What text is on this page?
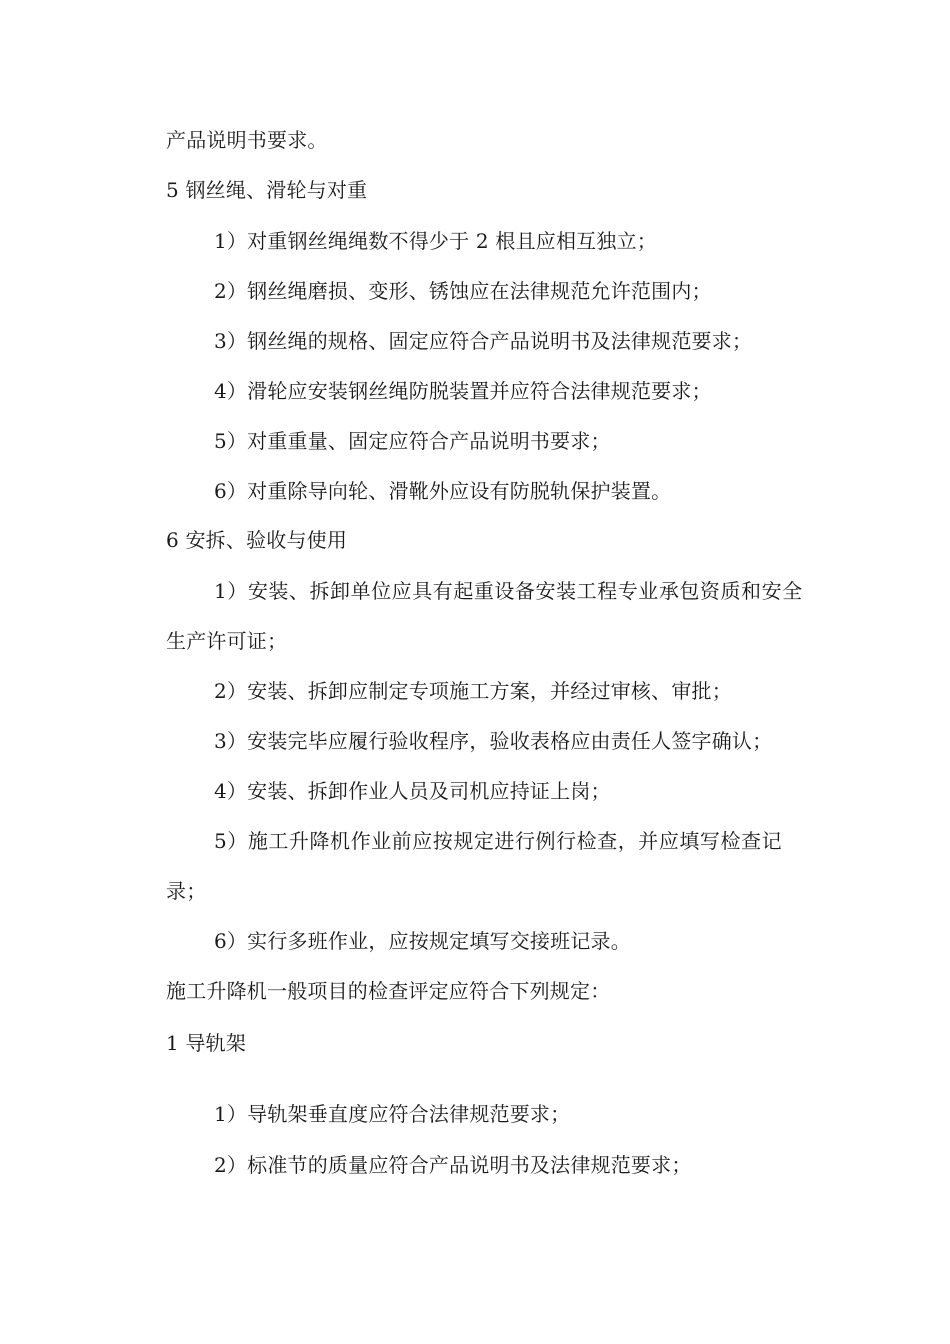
产品说明书要求。
5 钢丝绳、滑轮与对重
1）对重钢丝绳绳数不得少于 2 根且应相互独立；
2）钢丝绳磨损、变形、锈蚀应在法律规范允许范围内；
3）钢丝绳的规格、固定应符合产品说明书及法律规范要求；
4）滑轮应安装钢丝绳防脱装置并应符合法律规范要求；
5）对重重量、固定应符合产品说明书要求；
6）对重除导向轮、滑靴外应设有防脱轨保护装置。
6 安拆、验收与使用
1）安装、拆卸单位应具有起重设备安装工程专业承包资质和安全
生产许可证；
2）安装、拆卸应制定专项施工方案，并经过审核、审批；
3）安装完毕应履行验收程序，验收表格应由责任人签字确认；
4）安装、拆卸作业人员及司机应持证上岗；
5）施工升降机作业前应按规定进行例行检查，并应填写检查记
录；
6）实行多班作业，应按规定填写交接班记录。
施工升降机一般项目的检查评定应符合下列规定：
1 导轨架
1）导轨架垂直度应符合法律规范要求；
2）标准节的质量应符合产品说明书及法律规范要求；
